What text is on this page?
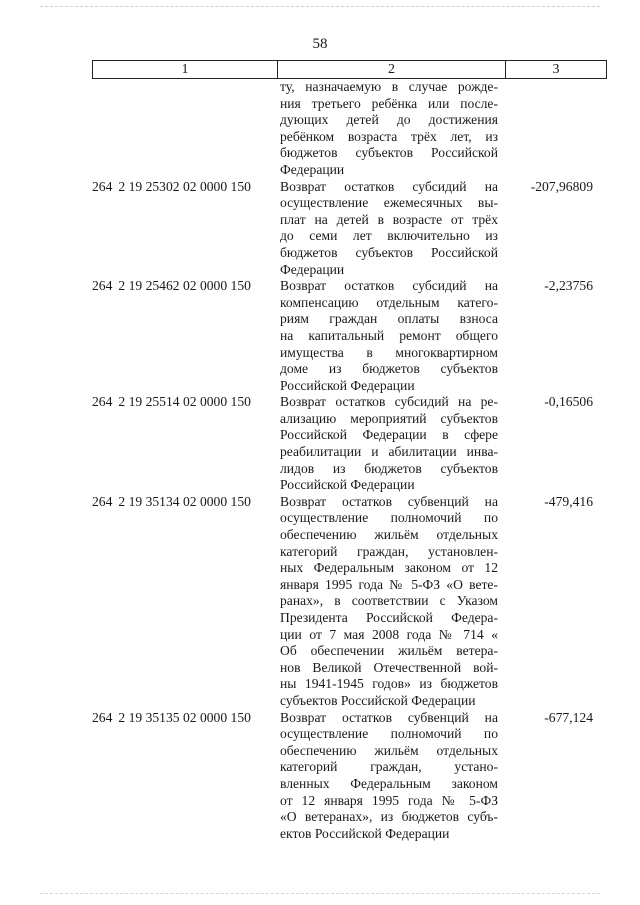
58
1	2	3
ту, назначаемую в случае рожде-
ния третьего ребёнка или после-
дующих детей до достижения
ребёнком возраста трёх лет, из
бюджетов субъектов Российской
Федерации
264 2 19 25302 02 0000 150	Возврат остатков субсидий на
осуществление ежемесячных вы-
плат на детей в возрасте от трёх
до семи лет включительно из
бюджетов субъектов Российской
Федерации
-207,96809
264 2 19 25462 02 0000 150	Возврат остатков субсидий на
компенсацию отдельным катего-
риям граждан оплаты взноса
на капитальный ремонт общего
имущества в многоквартирном
доме из бюджетов субъектов
Российской Федерации
-2,23756
264 2 19 25514 02 0000 150	Возврат остатков субсидий на ре-
ализацию мероприятий субъектов
Российской Федерации в сфере
реабилитации и абилитации инва-
лидов из бюджетов субъектов
Российской Федерации
-0,16506
264 2 19 35134 02 0000 150	Возврат остатков субвенций на
осуществление полномочий по
обеспечению жильём отдельных
категорий граждан, установлен-
ных Федеральным законом от 12
января 1995 года № 5-ФЗ «О вете-
ранах», в соответствии с Указом
Президента Российской Федера-
ции от 7 мая 2008 года № 714 «
Об обеспечении жильём ветера-
нов Великой Отечественной вой-
ны 1941-1945 годов» из бюджетов
субъектов Российской Федерации
-479,416
264 2 19 35135 02 0000 150	Возврат остатков субвенций на
осуществление полномочий по
обеспечению жильём отдельных
категорий граждан, устано-
вленных Федеральным законом
от 12 января 1995 года № 5-ФЗ
«О ветеранах», из бюджетов субъ-
ектов Российской Федерации
-677,124
